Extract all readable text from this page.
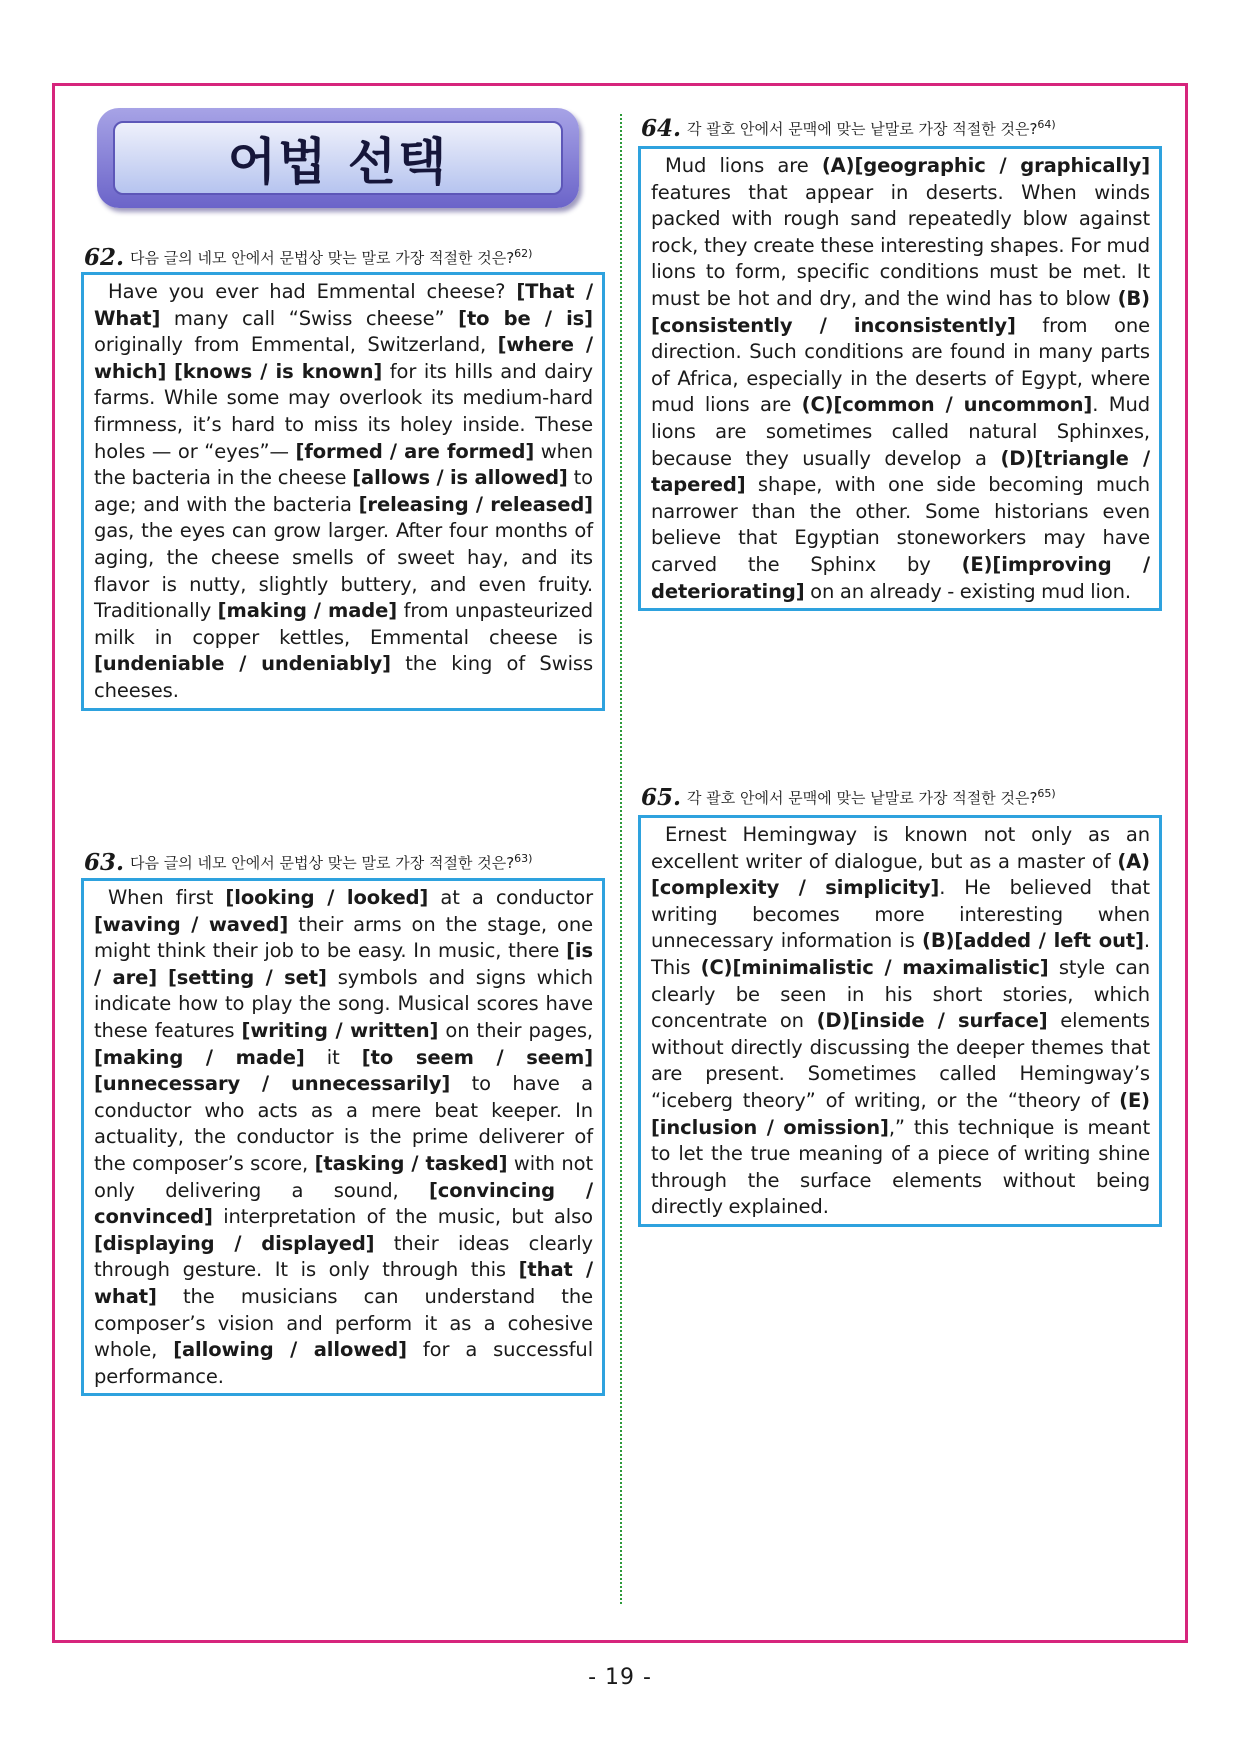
어법 선택
62. 다음 글의 네모 안에서 문법상 맞는 말로 가장 적절한 것은?$^{62)}$

Have you ever had Emmental cheese? [That / What] many call “Swiss cheese” [to be / is] originally from Emmental, Switzerland, [where / which] [knows / is known] for its hills and dairy farms. While some may overlook its medium-hard firmness, it’s hard to miss its holey inside. These holes — or “eyes”— [formed / are formed] when the bacteria in the cheese [allows / is allowed] to age; and with the bacteria [releasing / released] gas, the eyes can grow larger. After four months of aging, the cheese smells of sweet hay, and its flavor is nutty, slightly buttery, and even fruity. Traditionally [making / made] from unpasteurized milk in copper kettles, Emmental cheese is [undeniable / undeniably] the king of Swiss cheeses.

63. 다음 글의 네모 안에서 문법상 맞는 말로 가장 적절한 것은?$^{63)}$

When first [looking / looked] at a conductor [waving / waved] their arms on the stage, one might think their job to be easy. In music, there [is / are] [setting / set] symbols and signs which indicate how to play the song. Musical scores have these features [writing / written] on their pages, [making / made] it [to seem / seem] [unnecessary / unnecessarily] to have a conductor who acts as a mere beat keeper. In actuality, the conductor is the prime deliverer of the composer’s score, [tasking / tasked] with not only delivering a sound, [convincing / convinced] interpretation of the music, but also [displaying / displayed] their ideas clearly through gesture. It is only through this [that / what] the musicians can understand the composer’s vision and perform it as a cohesive whole, [allowing / allowed] for a successful performance.

64. 각 괄호 안에서 문맥에 맞는 낱말로 가장 적절한 것은?$^{64)}$

Mud lions are (A)[geographic / graphically] features that appear in deserts. When winds packed with rough sand repeatedly blow against rock, they create these interesting shapes. For mud lions to form, specific conditions must be met. It must be hot and dry, and the wind has to blow (B)[consistently / inconsistently] from one direction. Such conditions are found in many parts of Africa, especially in the deserts of Egypt, where mud lions are (C)[common / uncommon]. Mud lions are sometimes called natural Sphinxes, because they usually develop a (D)[triangle / tapered] shape, with one side becoming much narrower than the other. Some historians even believe that Egyptian stoneworkers may have carved the Sphinx by (E)[improving / deteriorating] on an already - existing mud lion.

65. 각 괄호 안에서 문맥에 맞는 낱말로 가장 적절한 것은?$^{65)}$

Ernest Hemingway is known not only as an excellent writer of dialogue, but as a master of (A)[complexity / simplicity]. He believed that writing becomes more interesting when unnecessary information is (B)[added / left out]. This (C)[minimalistic / maximalistic] style can clearly be seen in his short stories, which concentrate on (D)[inside / surface] elements without directly discussing the deeper themes that are present. Sometimes called Hemingway’s “iceberg theory” of writing, or the “theory of (E)[inclusion / omission],” this technique is meant to let the true meaning of a piece of writing shine through the surface elements without being directly explained.

- 19 -
